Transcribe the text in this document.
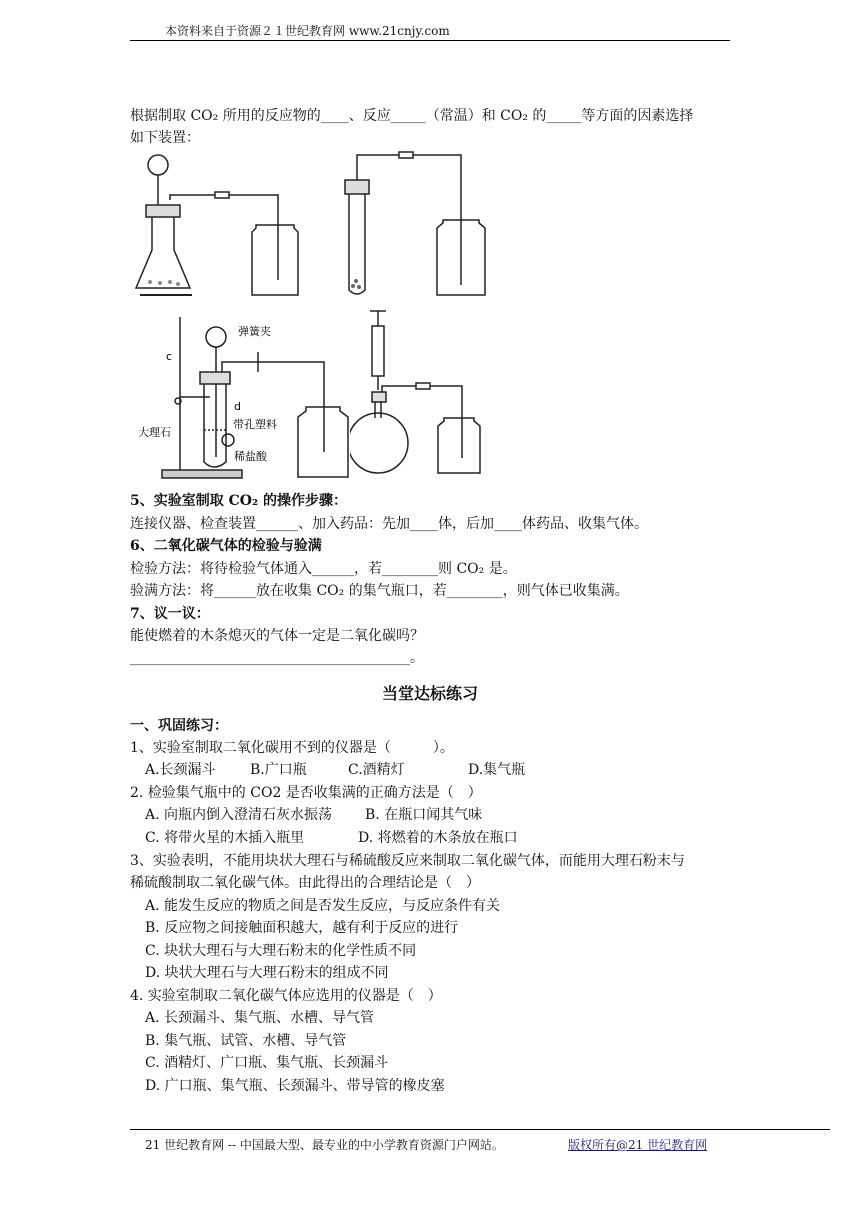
本资料来自于资源２１世纪教育网 www.21cnjy.com
根据制取 CO₂ 所用的反应物的____、反应_____（常温）和 CO₂ 的_____等方面的因素选择
如下装置：
弹簧夹
c
d
带孔塑料
大理石
稀盐酸
5、实验室制取 CO₂ 的操作步骤：
连接仪器、检查装置______、加入药品：先加____体，后加____体药品、收集气体。
6、二氧化碳气体的检验与验满
检验方法：将待检验气体通入______，若________则 CO₂ 是。
验满方法：将______放在收集 CO₂ 的集气瓶口，若________，则气体已收集满。
7、议一议：
能使燃着的木条熄灭的气体一定是二氧化碳吗？
________________________________________。
当堂达标练习
一、巩固练习：
1、实验室制取二氧化碳用不到的仪器是（　　　）。
A.长颈漏斗 B.广口瓶	C.酒精灯	D.集气瓶
2. 检验集气瓶中的 CO2 是否收集满的正确方法是（　）
A. 向瓶内倒入澄清石灰水振荡 B. 在瓶口闻其气味
C. 将带火星的木插入瓶里	D. 将燃着的木条放在瓶口
3、实验表明，不能用块状大理石与稀硫酸反应来制取二氧化碳气体，而能用大理石粉末与
稀硫酸制取二氧化碳气体。由此得出的合理结论是（　）
A. 能发生反应的物质之间是否发生反应，与反应条件有关
B. 反应物之间接触面积越大，越有利于反应的进行
C. 块状大理石与大理石粉末的化学性质不同
D. 块状大理石与大理石粉末的组成不同
4. 实验室制取二氧化碳气体应选用的仪器是（　）
A. 长颈漏斗、集气瓶、水槽、导气管
B. 集气瓶、试管、水槽、导气管
C. 酒精灯、广口瓶、集气瓶、长颈漏斗
D. 广口瓶、集气瓶、长颈漏斗、带导管的橡皮塞
21 世纪教育网 -- 中国最大型、最专业的中小学教育资源门户网站。	版权所有@21 世纪教育网
